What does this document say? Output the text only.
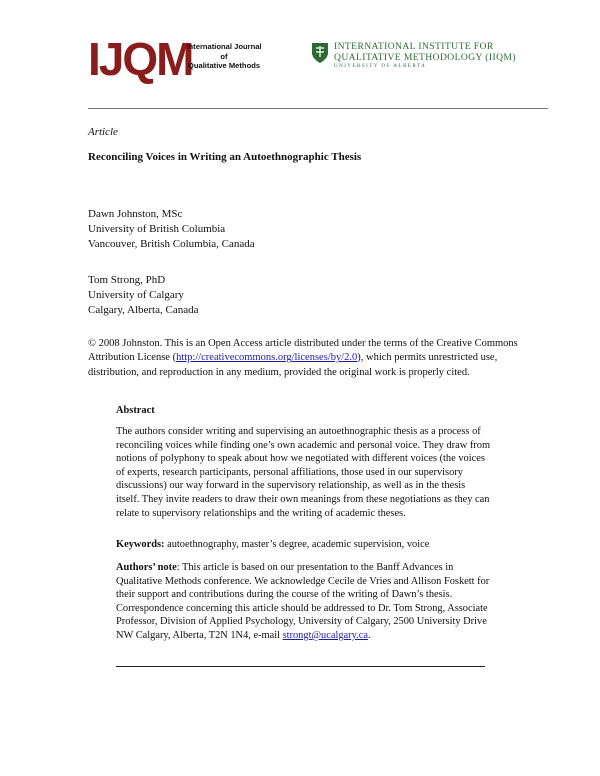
IJQM
International Journal
of
Qualitative Methods
INTERNATIONAL INSTITUTE FOR
QUALITATIVE METHODOLOGY (IIQM)
UNIVERSITY OF ALBERTA
Article
Reconciling Voices in Writing an Autoethnographic Thesis
Dawn Johnston, MSc
University of British Columbia
Vancouver, British Columbia, Canada
Tom Strong, PhD
University of Calgary
Calgary, Alberta, Canada
© 2008 Johnston. This is an Open Access article distributed under the terms of the Creative Commons Attribution License (http://creativecommons.org/licenses/by/2.0), which permits unrestricted use, distribution, and reproduction in any medium, provided the original work is properly cited.
Abstract
The authors consider writing and supervising an autoethnographic thesis as a process of reconciling voices while finding one’s own academic and personal voice. They draw from notions of polyphony to speak about how we negotiated with different voices (the voices of experts, research participants, personal affiliations, those used in our supervisory discussions) our way forward in the supervisory relationship, as well as in the thesis itself. They invite readers to draw their own meanings from these negotiations as they can relate to supervisory relationships and the writing of academic theses.
Keywords: autoethnography, master’s degree, academic supervision, voice
Authors’ note: This article is based on our presentation to the Banff Advances in Qualitative Methods conference. We acknowledge Cecile de Vries and Allison Foskett for their support and contributions during the course of the writing of Dawn’s thesis. Correspondence concerning this article should be addressed to Dr. Tom Strong, Associate Professor, Division of Applied Psychology, University of Calgary, 2500 University Drive NW Calgary, Alberta, T2N 1N4, e-mail strongt@ucalgary.ca.
